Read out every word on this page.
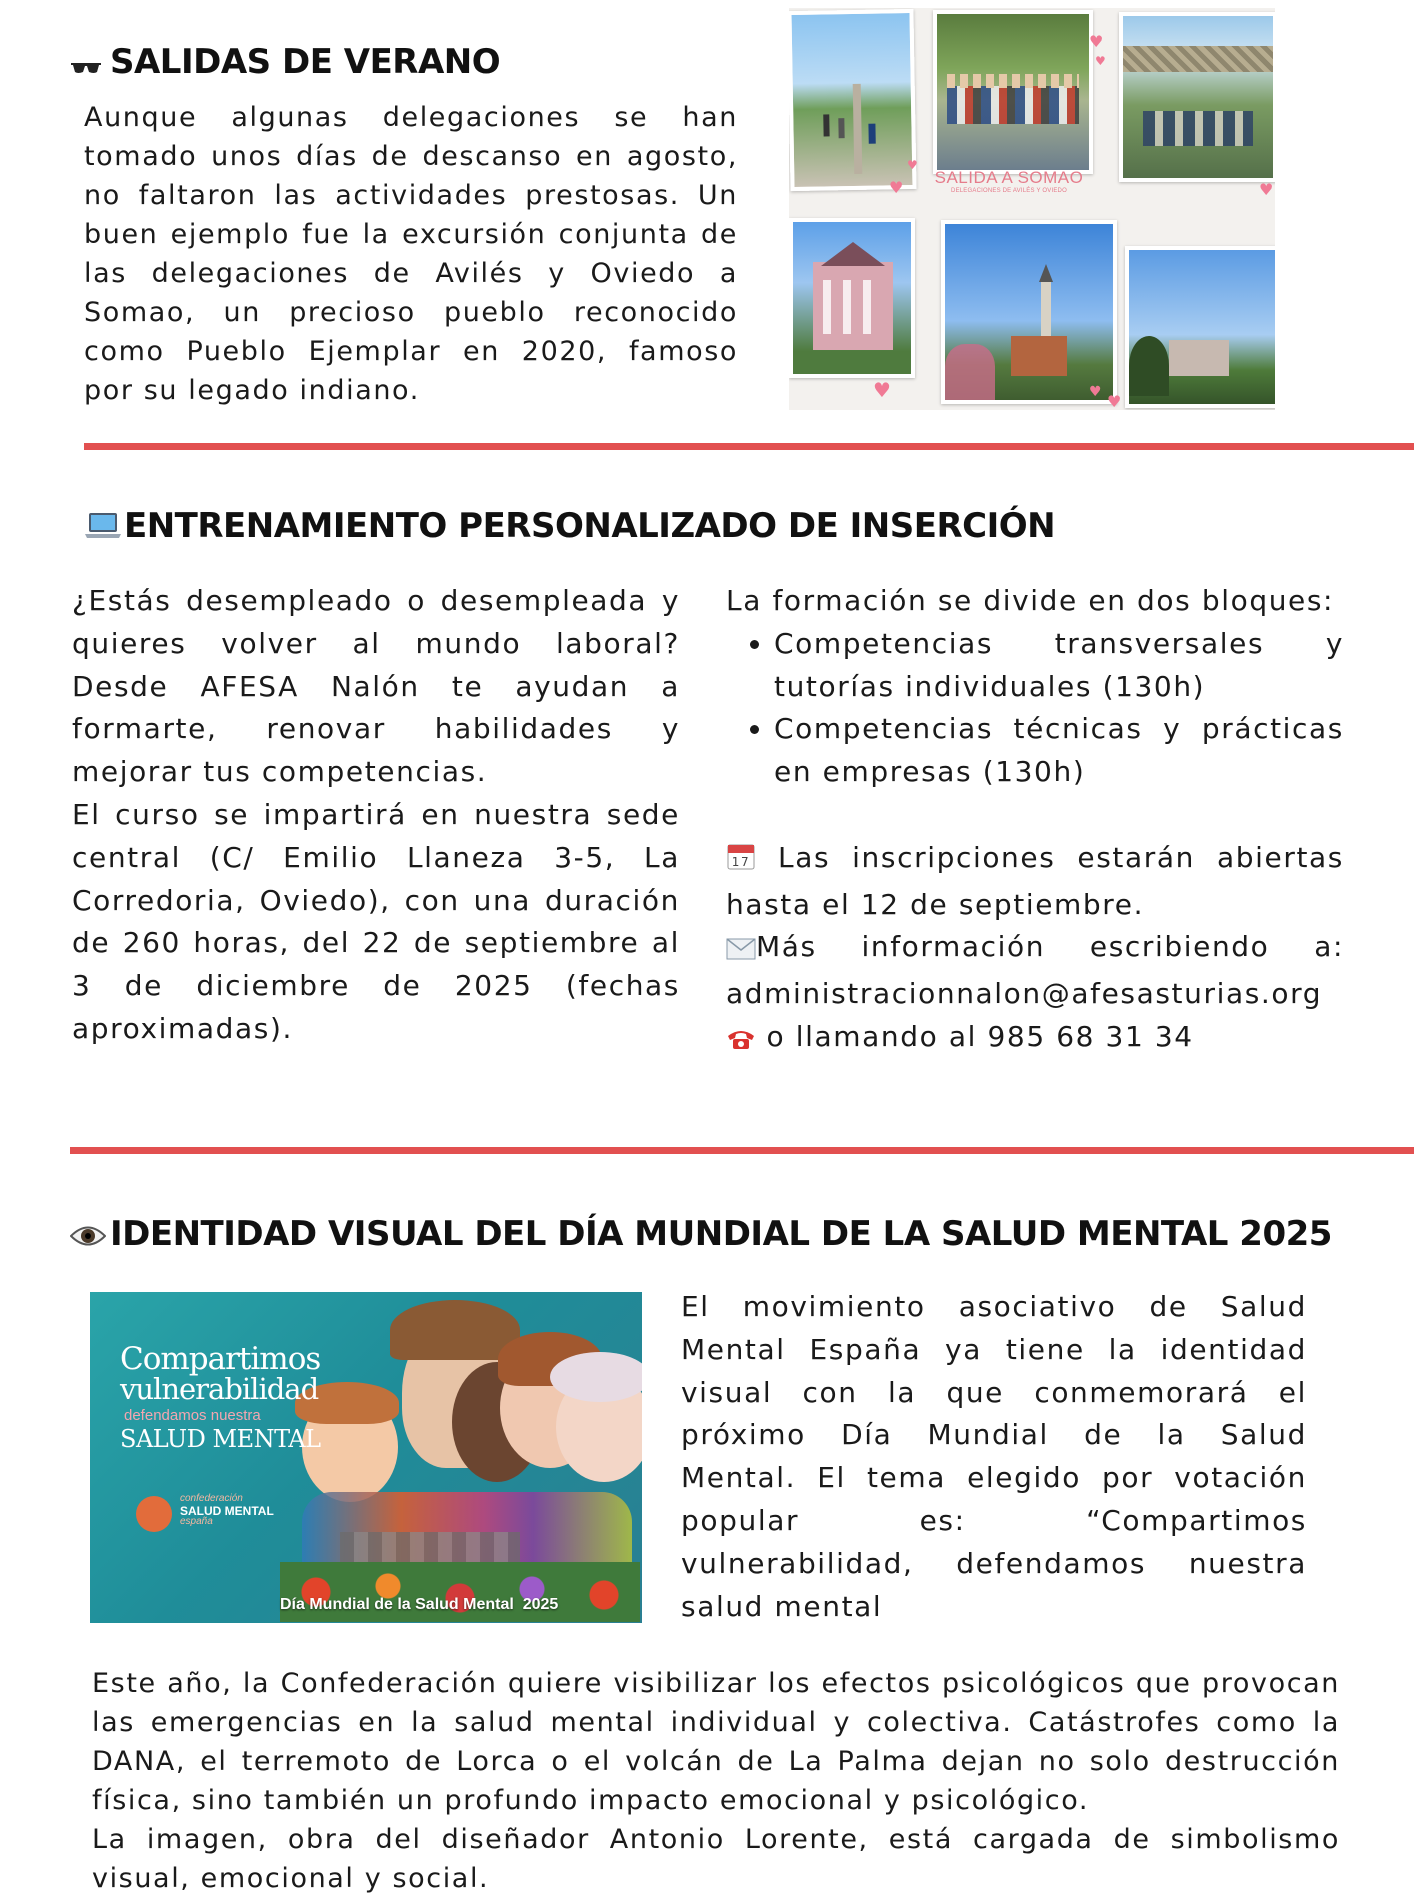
SALIDAS DE VERANO
Aunque algunas delegaciones se han tomado unos días de descanso en agosto, no faltaron las actividades prestosas. Un buen ejemplo fue la excursión conjunta de las delegaciones de Avilés y Oviedo a Somao, un precioso pueblo reconocido como Pueblo Ejemplar en 2020, famoso por su legado indiano.
SALIDA A SOMAO
DELEGACIONES DE AVILÉS Y OVIEDO
♥
♥
♥
♥
♥
♥	♥ ♥
ENTRENAMIENTO PERSONALIZADO DE INSERCIÓN

¿Estás desempleado o desempleada y quieres volver al mundo laboral? Desde AFESA Nalón te ayudan a formarte, renovar habilidades y mejorar tus competencias.

El curso se impartirá en nuestra sede central (C/ Emilio Llaneza 3-5, La Corredoria, Oviedo), con una duración de 260 horas, del 22 de septiembre al 3 de diciembre de 2025 (fechas aproximadas).

La formación se divide en dos bloques:

• Competencias transversales y tutorías individuales (130h)
• Competencias técnicas y prácticas en empresas (130h)

17 Las inscripciones estarán abiertas hasta el 12 de septiembre.

Más información escribiendo a:

administracionnalon@afesasturias.org

o llamando al 985 68 31 34

IDENTIDAD VISUAL DEL DÍA MUNDIAL DE LA SALUD MENTAL 2025
Compartimos
vulnerabilidad
defendamos nuestra
SALUD MENTAL
confederación
SALUD MENTAL
españa
Día Mundial de la Salud Mental 2025
El movimiento asociativo de Salud Mental España ya tiene la identidad visual con la que conmemorará el próximo Día Mundial de la Salud Mental. El tema elegido por votación popular es: “Compartimos vulnerabilidad, defendamos nuestra salud mental

Este año, la Confederación quiere visibilizar los efectos psicológicos que provocan las emergencias en la salud mental individual y colectiva. Catástrofes como la DANA, el terremoto de Lorca o el volcán de La Palma dejan no solo destrucción física, sino también un profundo impacto emocional y psicológico.

La imagen, obra del diseñador Antonio Lorente, está cargada de simbolismo visual, emocional y social.
